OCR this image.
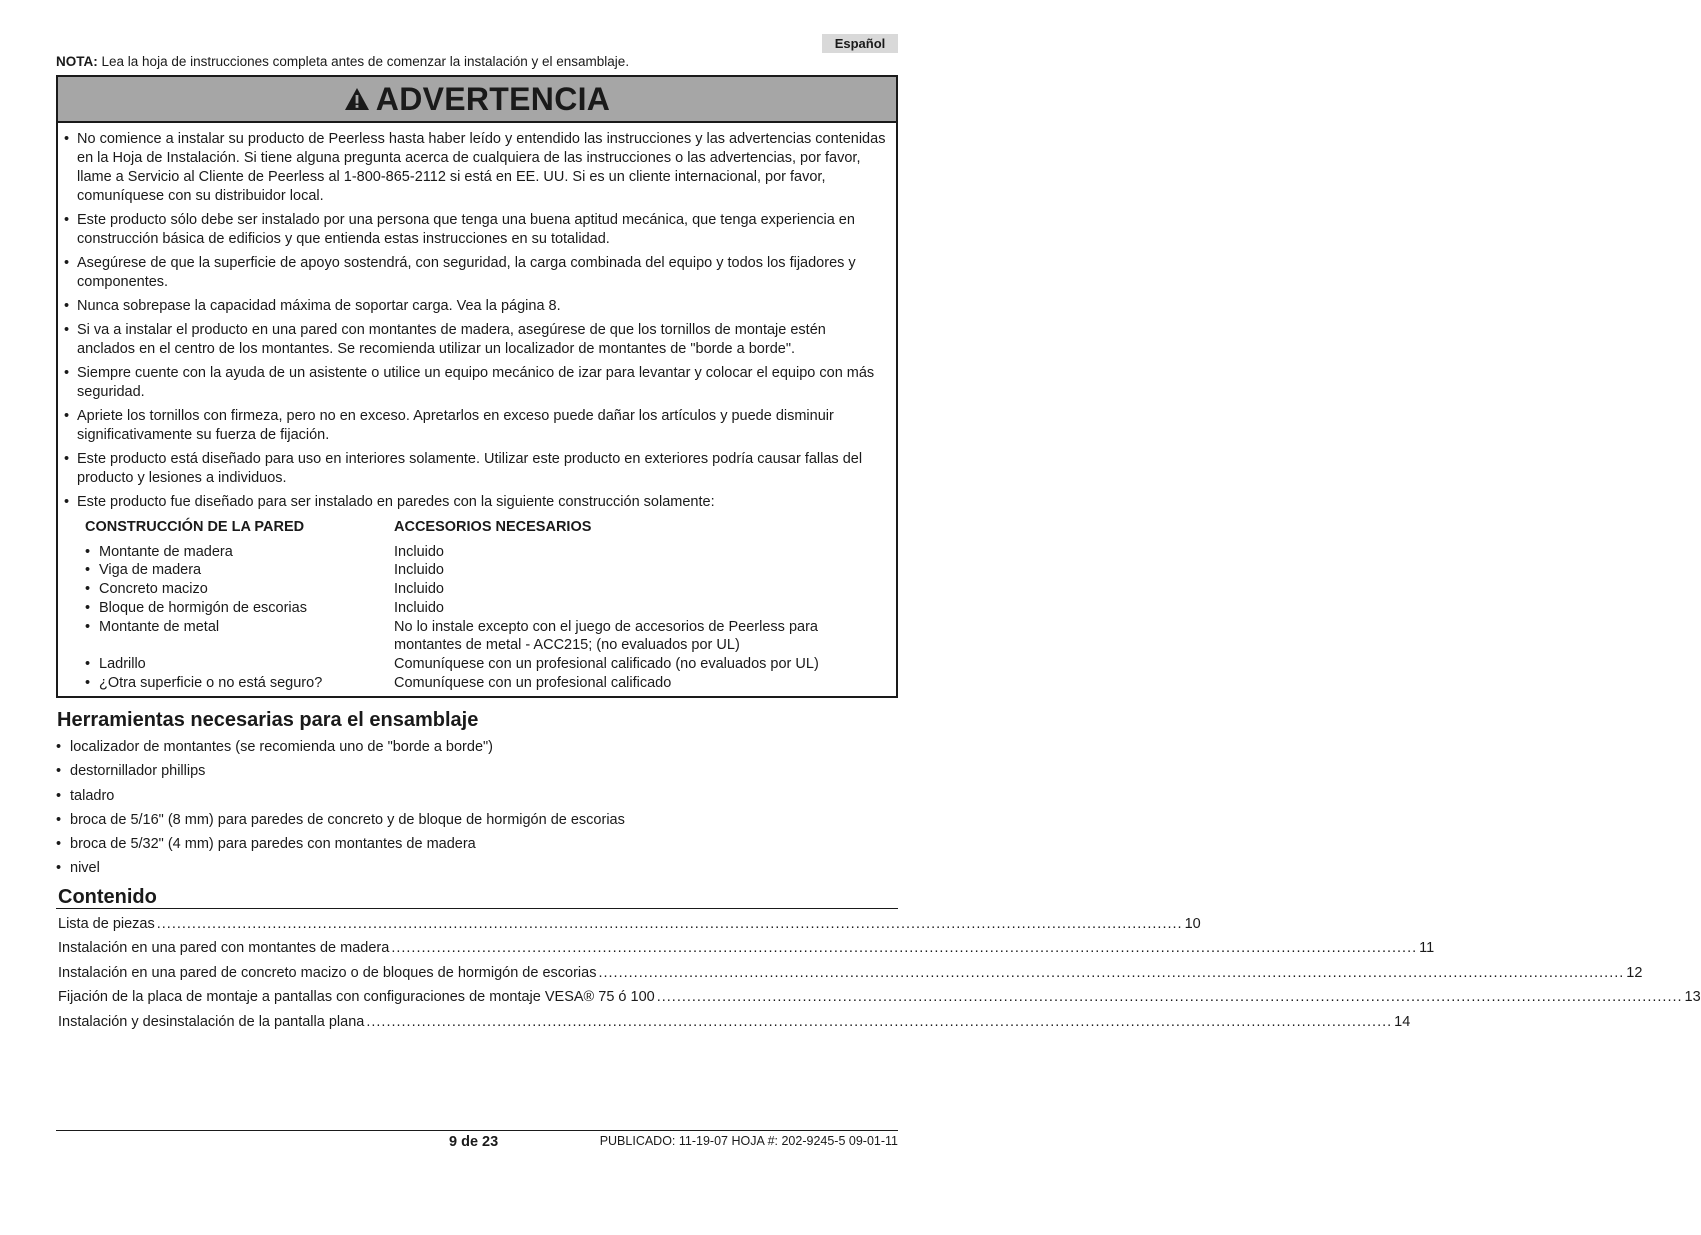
Español
NOTA: Lea la hoja de instrucciones completa antes de comenzar la instalación y el ensamblaje.
ADVERTENCIA
• No comience a instalar su producto de Peerless hasta haber leído y entendido las instrucciones y las advertencias contenidas en la Hoja de Instalación. Si tiene alguna pregunta acerca de cualquiera de las instrucciones o las advertencias, por favor, llame a Servicio al Cliente de Peerless al 1-800-865-2112 si está en EE. UU. Si es un cliente internacional, por favor, comuníquese con su distribuidor local.
• Este producto sólo debe ser instalado por una persona que tenga una buena aptitud mecánica, que tenga experiencia en construcción básica de edificios y que entienda estas instrucciones en su totalidad.
• Asegúrese de que la superficie de apoyo sostendrá, con seguridad, la carga combinada del equipo y todos los fijadores y componentes.
• Nunca sobrepase la capacidad máxima de soportar carga. Vea la página 8.
• Si va a instalar el producto en una pared con montantes de madera, asegúrese de que los tornillos de montaje estén anclados en el centro de los montantes. Se recomienda utilizar un localizador de montantes de "borde a borde".
• Siempre cuente con la ayuda de un asistente o utilice un equipo mecánico de izar para levantar y colocar el equipo con más seguridad.
• Apriete los tornillos con firmeza, pero no en exceso. Apretarlos en exceso puede dañar los artículos y puede disminuir significativamente su fuerza de fijación.
• Este producto está diseñado para uso en interiores solamente. Utilizar este producto en exteriores podría causar fallas del producto y lesiones a individuos.
• Este producto fue diseñado para ser instalado en paredes con la siguiente construcción solamente:
CONSTRUCCIÓN DE LA PARED	ACCESORIOS NECESARIOS
• Montante de madera	Incluido
• Viga de madera	Incluido
• Concreto macizo	Incluido
• Bloque de hormigón de escorias	Incluido
• Montante de metal	No lo instale excepto con el juego de accesorios de Peerless para montantes de metal - ACC215; (no evaluados por UL)
• Ladrillo	Comuníquese con un profesional calificado (no evaluados por UL)
• ¿Otra superficie o no está seguro?	Comuníquese con un profesional calificado
Herramientas necesarias para el ensamblaje
• localizador de montantes (se recomienda uno de "borde a borde")
• destornillador phillips
• taladro
• broca de 5/16" (8 mm) para paredes de concreto y de bloque de hormigón de escorias
• broca de 5/32" (4 mm) para paredes con montantes de madera
• nivel
Contenido
Lista de piezas ............................................................................................................................................................................................................ 10
Instalación en una pared con montantes de madera ............................................................................................................................................................................................................ 11
Instalación en una pared de concreto macizo o de bloques de hormigón de escorias ............................................................................................................................................................................................................ 12
Fijación de la placa de montaje a pantallas con configuraciones de montaje VESA® 75 ó 100 ............................................................................................................................................................................................................ 13
Instalación y desinstalación de la pantalla plana ............................................................................................................................................................................................................ 14
9 de 23	PUBLICADO: 11-19-07 HOJA #: 202-9245-5 09-01-11
